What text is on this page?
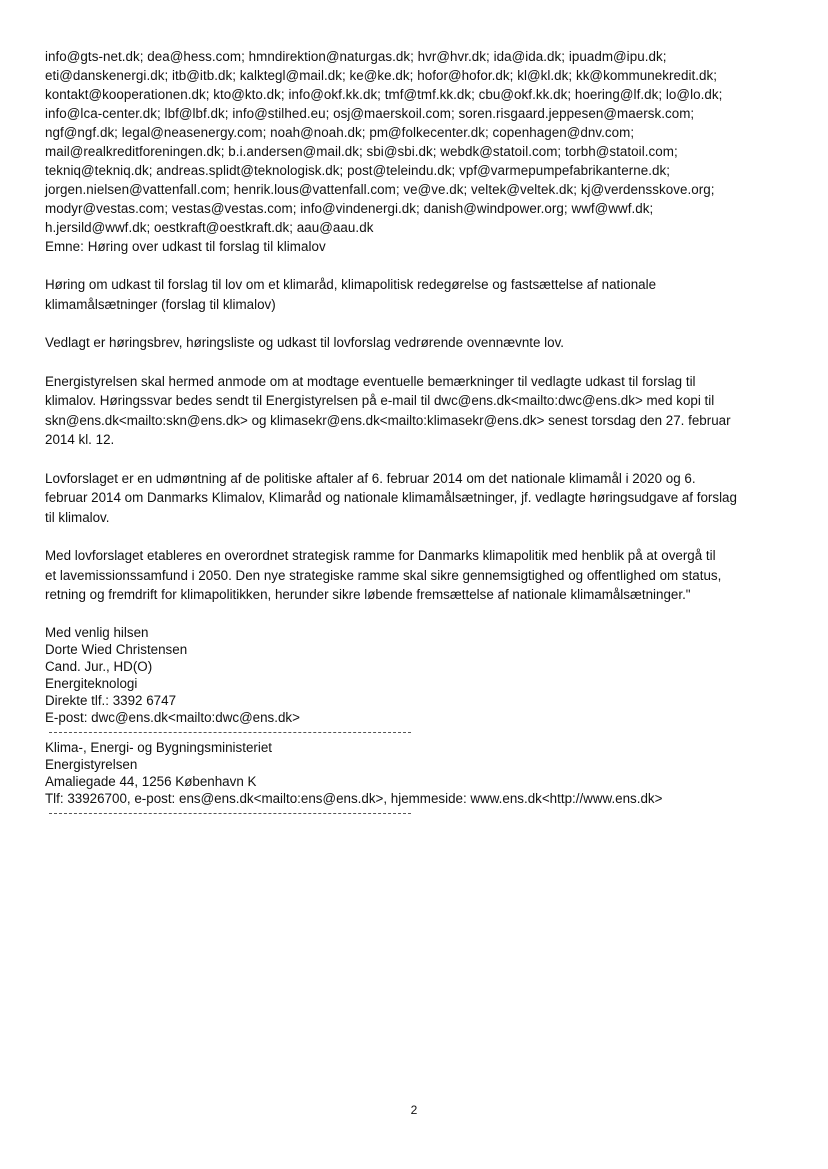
info@gts-net.dk; dea@hess.com; hmndirektion@naturgas.dk; hvr@hvr.dk; ida@ida.dk; ipuadm@ipu.dk;
eti@danskenergi.dk; itb@itb.dk; kalktegl@mail.dk; ke@ke.dk; hofor@hofor.dk; kl@kl.dk; kk@kommunekredit.dk;
kontakt@kooperationen.dk; kto@kto.dk; info@okf.kk.dk; tmf@tmf.kk.dk; cbu@okf.kk.dk; hoering@lf.dk; lo@lo.dk;
info@lca-center.dk; lbf@lbf.dk; info@stilhed.eu; osj@maerskoil.com; soren.risgaard.jeppesen@maersk.com;
ngf@ngf.dk; legal@neasenergy.com; noah@noah.dk; pm@folkecenter.dk; copenhagen@dnv.com;
mail@realkreditforeningen.dk; b.i.andersen@mail.dk; sbi@sbi.dk; webdk@statoil.com; torbh@statoil.com;
tekniq@tekniq.dk; andreas.splidt@teknologisk.dk; post@teleindu.dk; vpf@varmepumpefabrikanterne.dk;
jorgen.nielsen@vattenfall.com; henrik.lous@vattenfall.com; ve@ve.dk; veltek@veltek.dk; kj@verdensskove.org;
modyr@vestas.com; vestas@vestas.com; info@vindenergi.dk; danish@windpower.org; wwf@wwf.dk;
h.jersild@wwf.dk; oestkraft@oestkraft.dk; aau@aau.dk
Emne: Høring over udkast til forslag til klimalov
Høring om udkast til forslag til lov om et klimaråd, klimapolitisk redegørelse og fastsættelse af nationale
klimamålsætninger (forslag til klimalov)
Vedlagt er høringsbrev, høringsliste og udkast til lovforslag vedrørende ovennævnte lov.
Energistyrelsen skal hermed anmode om at modtage eventuelle bemærkninger til vedlagte udkast til forslag til
klimalov. Høringssvar bedes sendt til Energistyrelsen på e-mail til dwc@ens.dk<mailto:dwc@ens.dk> med kopi til
skn@ens.dk<mailto:skn@ens.dk> og klimasekr@ens.dk<mailto:klimasekr@ens.dk> senest torsdag den 27. februar
2014 kl. 12.
Lovforslaget er en udmøntning af de politiske aftaler af 6. februar 2014 om det nationale klimamål i 2020 og 6.
februar 2014 om Danmarks Klimalov, Klimaråd og nationale klimamålsætninger, jf. vedlagte høringsudgave af forslag
til klimalov.
Med lovforslaget etableres en overordnet strategisk ramme for Danmarks klimapolitik med henblik på at overgå til
et lavemissionssamfund i 2050. Den nye strategiske ramme skal sikre gennemsigtighed og offentlighed om status,
retning og fremdrift for klimapolitikken, herunder sikre løbende fremsættelse af nationale klimamålsætninger."
Med venlig hilsen
Dorte Wied Christensen
Cand. Jur., HD(O)
Energiteknologi
Direkte tlf.: 3392 6747
E-post: dwc@ens.dk<mailto:dwc@ens.dk>
Klima-, Energi- og Bygningsministeriet
Energistyrelsen
Amaliegade 44, 1256 København K
Tlf: 33926700, e-post: ens@ens.dk<mailto:ens@ens.dk>, hjemmeside: www.ens.dk<http://www.ens.dk>
2
